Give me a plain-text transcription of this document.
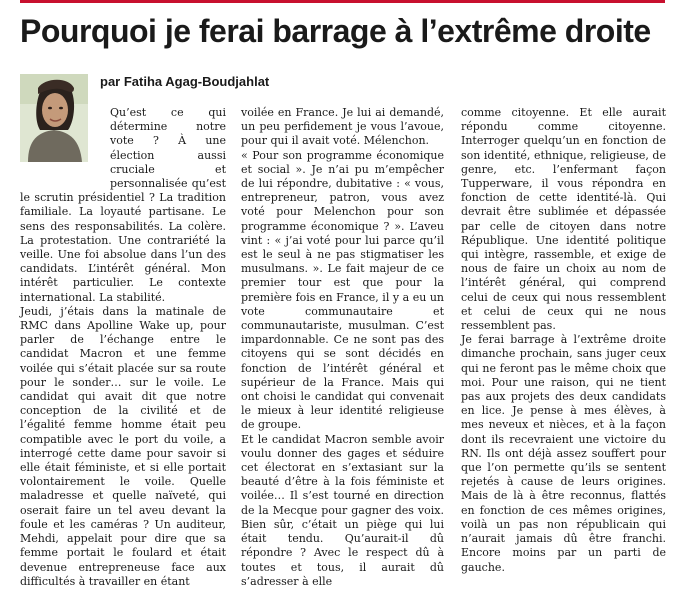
Pourquoi je ferai barrage à l’extrême droite
par Fatiha Agag-Boudjahlat

Qu’est ce qui détermine notre vote ? À une élection aussi cruciale et personnalisée qu’est le scrutin présidentiel ? La tradition familiale. La loyauté partisane. Le sens des responsabilités. La colère. La protestation. Une contrariété la veille. Une foi absolue dans l’un des candidats. L’intérêt général. Mon intérêt particulier. Le contexte international. La stabilité.

Jeudi, j’étais dans la matinale de RMC dans Apolline Wake up, pour parler de l’échange entre le candidat Macron et une femme voilée qui s’était placée sur sa route pour le sonder… sur le voile. Le candidat qui avait dit que notre conception de la civilité et de l’égalité femme homme était peu compatible avec le port du voile, a interrogé cette dame pour savoir si elle était féministe, et si elle portait volontairement le voile. Quelle maladresse et quelle naïveté, qui oserait faire un tel aveu devant la foule et les caméras ? Un auditeur, Mehdi, appelait pour dire que sa femme portait le foulard et était devenue entrepreneuse face aux difficultés à travailler en étant

voilée en France. Je lui ai demandé, un peu perfidement je vous l’avoue, pour qui il avait voté. Mélenchon.

« Pour son programme économique et social ». Je n’ai pu m’empêcher de lui répondre, dubitative : « vous, entrepreneur, patron, vous avez voté pour Melenchon pour son programme économique ? ». L’aveu vint : « j’ai voté pour lui parce qu’il est le seul à ne pas stigmatiser les musulmans. ». Le fait majeur de ce premier tour est que pour la première fois en France, il y a eu un vote communautaire et communautariste, musulman. C’est impardonnable. Ce ne sont pas des citoyens qui se sont décidés en fonction de l’intérêt général et supérieur de la France. Mais qui ont choisi le candidat qui convenait le mieux à leur identité religieuse de groupe.

Et le candidat Macron semble avoir voulu donner des gages et séduire cet électorat en s’extasiant sur la beauté d’être à la fois féministe et voilée… Il s’est tourné en direction de la Mecque pour gagner des voix. Bien sûr, c’était un piège qui lui était tendu. Qu’aurait-il dû répondre ? Avec le respect dû à toutes et tous, il aurait dû s’adresser à elle

comme citoyenne. Et elle aurait répondu comme citoyenne. Interroger quelqu’un en fonction de son identité, ethnique, religieuse, de genre, etc. l’enfermant façon Tupperware, il vous répondra en fonction de cette identité-là. Qui devrait être sublimée et dépassée par celle de citoyen dans notre République. Une identité politique qui intègre, rassemble, et exige de nous de faire un choix au nom de l’intérêt général, qui comprend celui de ceux qui nous ressemblent et celui de ceux qui ne nous ressemblent pas.

Je ferai barrage à l’extrême droite dimanche prochain, sans juger ceux qui ne feront pas le même choix que moi. Pour une raison, qui ne tient pas aux projets des deux candidats en lice. Je pense à mes élèves, à mes neveux et nièces, et à la façon dont ils recevraient une victoire du RN. Ils ont déjà assez souffert pour que l’on permette qu’ils se sentent rejetés à cause de leurs origines. Mais de là à être reconnus, flattés en fonction de ces mêmes origines, voilà un pas non républicain qui n’aurait jamais dû être franchi. Encore moins par un parti de gauche.
